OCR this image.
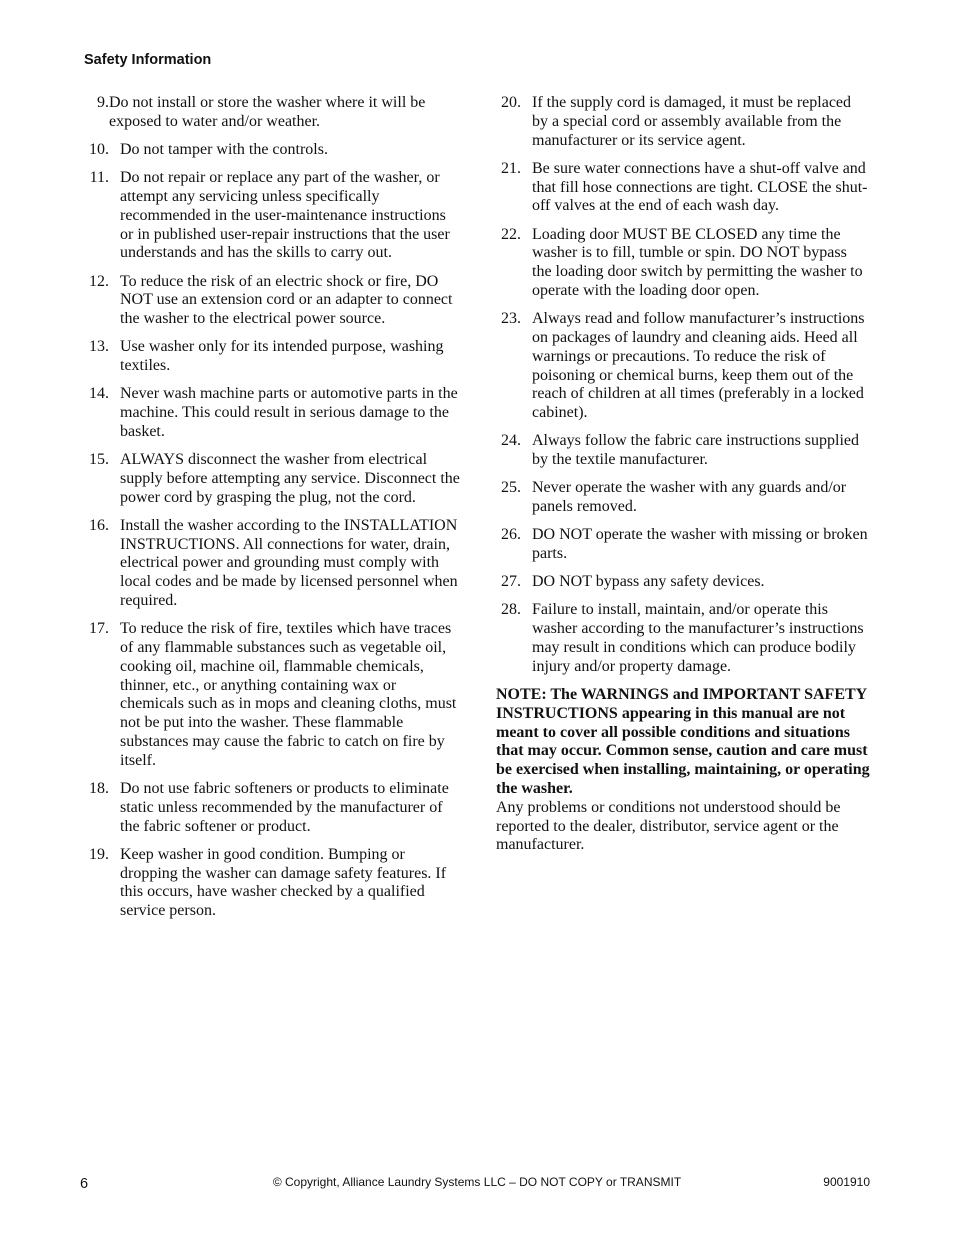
Safety Information
9. Do not install or store the washer where it will be exposed to water and/or weather.
10. Do not tamper with the controls.
11. Do not repair or replace any part of the washer, or attempt any servicing unless specifically recommended in the user-maintenance instructions or in published user-repair instructions that the user understands and has the skills to carry out.
12. To reduce the risk of an electric shock or fire, DO NOT use an extension cord or an adapter to connect the washer to the electrical power source.
13. Use washer only for its intended purpose, washing textiles.
14. Never wash machine parts or automotive parts in the machine. This could result in serious damage to the basket.
15. ALWAYS disconnect the washer from electrical supply before attempting any service. Disconnect the power cord by grasping the plug, not the cord.
16. Install the washer according to the INSTALLATION INSTRUCTIONS. All connections for water, drain, electrical power and grounding must comply with local codes and be made by licensed personnel when required.
17. To reduce the risk of fire, textiles which have traces of any flammable substances such as vegetable oil, cooking oil, machine oil, flammable chemicals, thinner, etc., or anything containing wax or chemicals such as in mops and cleaning cloths, must not be put into the washer. These flammable substances may cause the fabric to catch on fire by itself.
18. Do not use fabric softeners or products to eliminate static unless recommended by the manufacturer of the fabric softener or product.
19. Keep washer in good condition. Bumping or dropping the washer can damage safety features. If this occurs, have washer checked by a qualified service person.
20. If the supply cord is damaged, it must be replaced by a special cord or assembly available from the manufacturer or its service agent.
21. Be sure water connections have a shut-off valve and that fill hose connections are tight. CLOSE the shut-off valves at the end of each wash day.
22. Loading door MUST BE CLOSED any time the washer is to fill, tumble or spin. DO NOT bypass the loading door switch by permitting the washer to operate with the loading door open.
23. Always read and follow manufacturer’s instructions on packages of laundry and cleaning aids. Heed all warnings or precautions. To reduce the risk of poisoning or chemical burns, keep them out of the reach of children at all times (preferably in a locked cabinet).
24. Always follow the fabric care instructions supplied by the textile manufacturer.
25. Never operate the washer with any guards and/or panels removed.
26. DO NOT operate the washer with missing or broken parts.
27. DO NOT bypass any safety devices.
28. Failure to install, maintain, and/or operate this washer according to the manufacturer’s instructions may result in conditions which can produce bodily injury and/or property damage.

NOTE: The WARNINGS and IMPORTANT SAFETY INSTRUCTIONS appearing in this manual are not meant to cover all possible conditions and situations that may occur. Common sense, caution and care must be exercised when installing, maintaining, or operating the washer.

Any problems or conditions not understood should be reported to the dealer, distributor, service agent or the manufacturer.

6	© Copyright, Alliance Laundry Systems LLC – DO NOT COPY or TRANSMIT	9001910
